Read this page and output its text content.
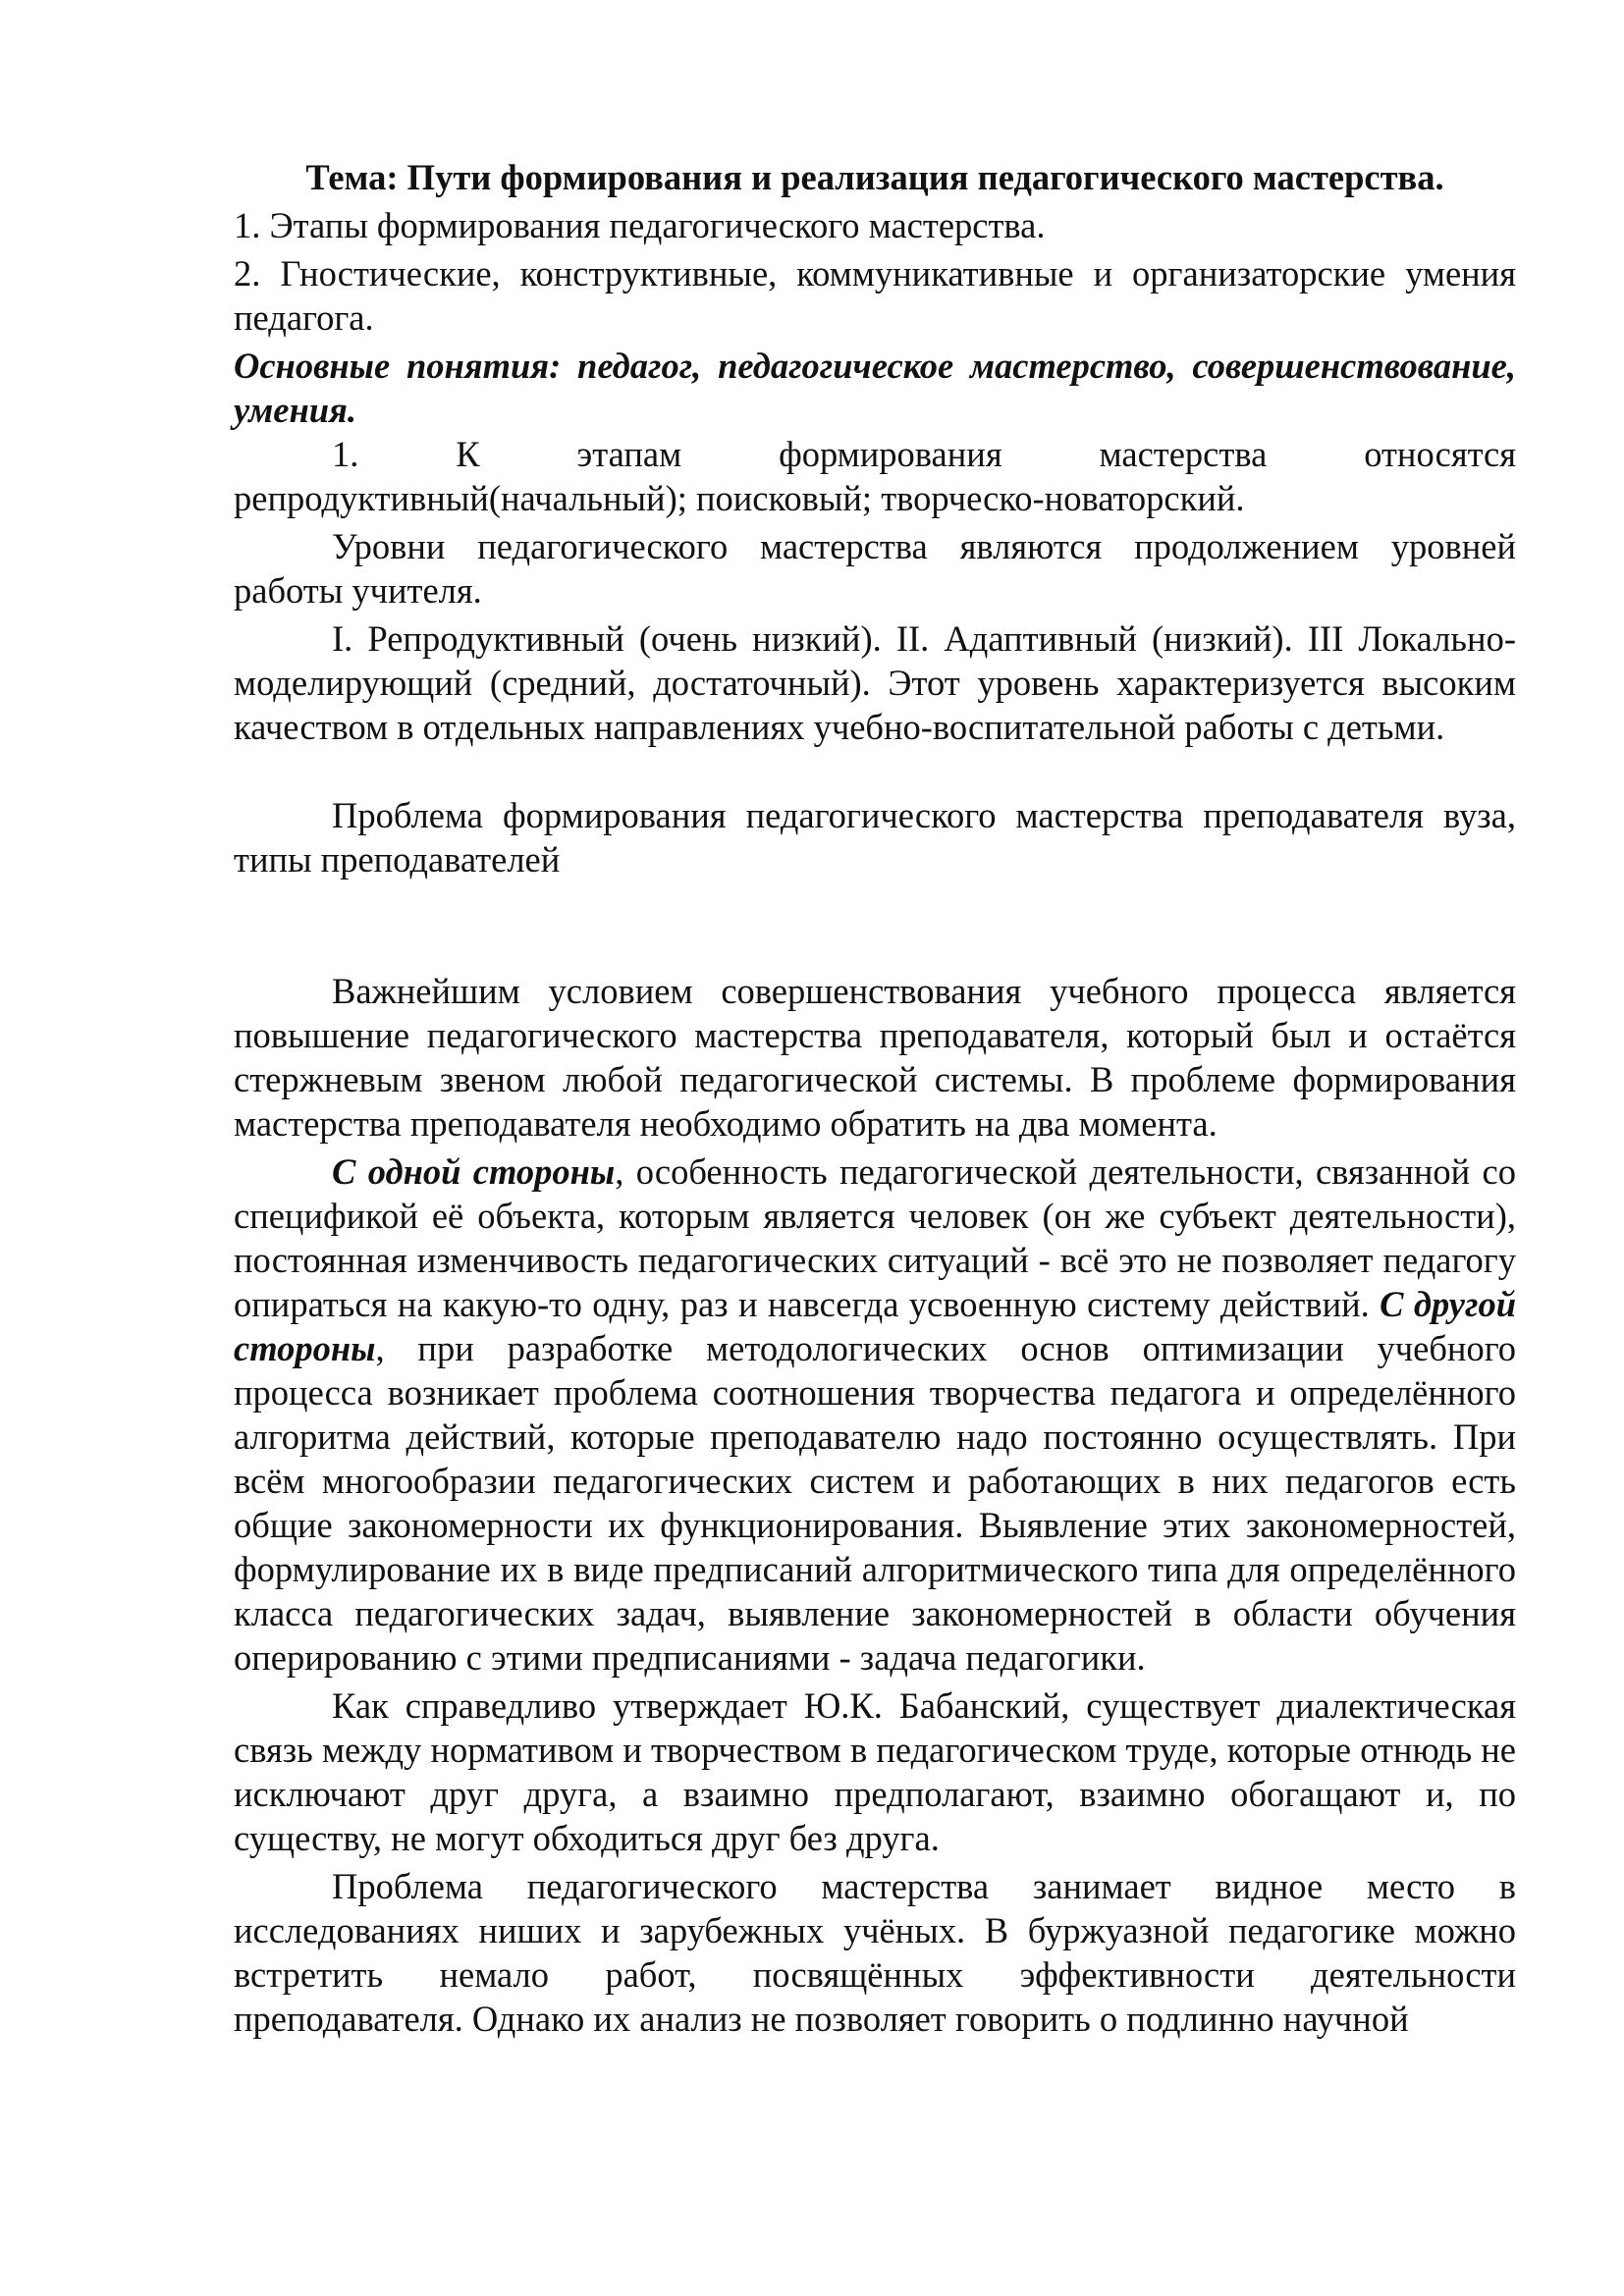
Тема: Пути формирования и реализация педагогического мастерства.

1. Этапы формирования педагогического мастерства.

2. Гностические, конструктивные, коммуникативные и организаторские умения педагога.

Основные понятия: педагог, педагогическое мастерство, совершенствование, умения.

1. К этапам формирования мастерства относятся репродуктивный(начальный); поисковый; творческо-новаторский.

Уровни педагогического мастерства являются продолжением уровней работы учителя.

I. Репродуктивный (очень низкий). II. Адаптивный (низкий). III Локально-моделирующий (средний, достаточный). Этот уровень характеризуется высоким качеством в отдельных направлениях учебно-воспитательной работы с детьми.

Проблема формирования педагогического мастерства преподавателя вуза, типы преподавателей

Важнейшим условием совершенствования учебного процесса является повышение педагогического мастерства преподавателя, который был и остаётся стержневым звеном любой педагогической системы. В проблеме формирования мастерства преподавателя необходимо обратить на два момента.

С одной стороны, особенность педагогической деятельности, связанной со спецификой её объекта, которым является человек (он же субъект деятельности), постоянная изменчивость педагогических ситуаций - всё это не позволяет педагогу опираться на какую-то одну, раз и навсегда усвоенную систему действий. С другой стороны, при разработке методологических основ оптимизации учебного процесса возникает проблема соотношения творчества педагога и определённого алгоритма действий, которые преподавателю надо постоянно осуществлять. При всём многообразии педагогических систем и работающих в них педагогов есть общие закономерности их функционирования. Выявление этих закономерностей, формулирование их в виде предписаний алгоритмического типа для определённого класса педагогических задач, выявление закономерностей в области обучения оперированию с этими предписаниями - задача педагогики.

Как справедливо утверждает Ю.К. Бабанский, существует диалектическая связь между нормативом и творчеством в педагогическом труде, которые отнюдь не исключают друг друга, а взаимно предполагают, взаимно обогащают и, по существу, не могут обходиться друг без друга.

Проблема педагогического мастерства занимает видное место в исследованиях ниших и зарубежных учёных. В буржуазной педагогике можно встретить немало работ, посвящённых эффективности деятельности преподавателя. Однако их анализ не позволяет говорить о подлинно научной
